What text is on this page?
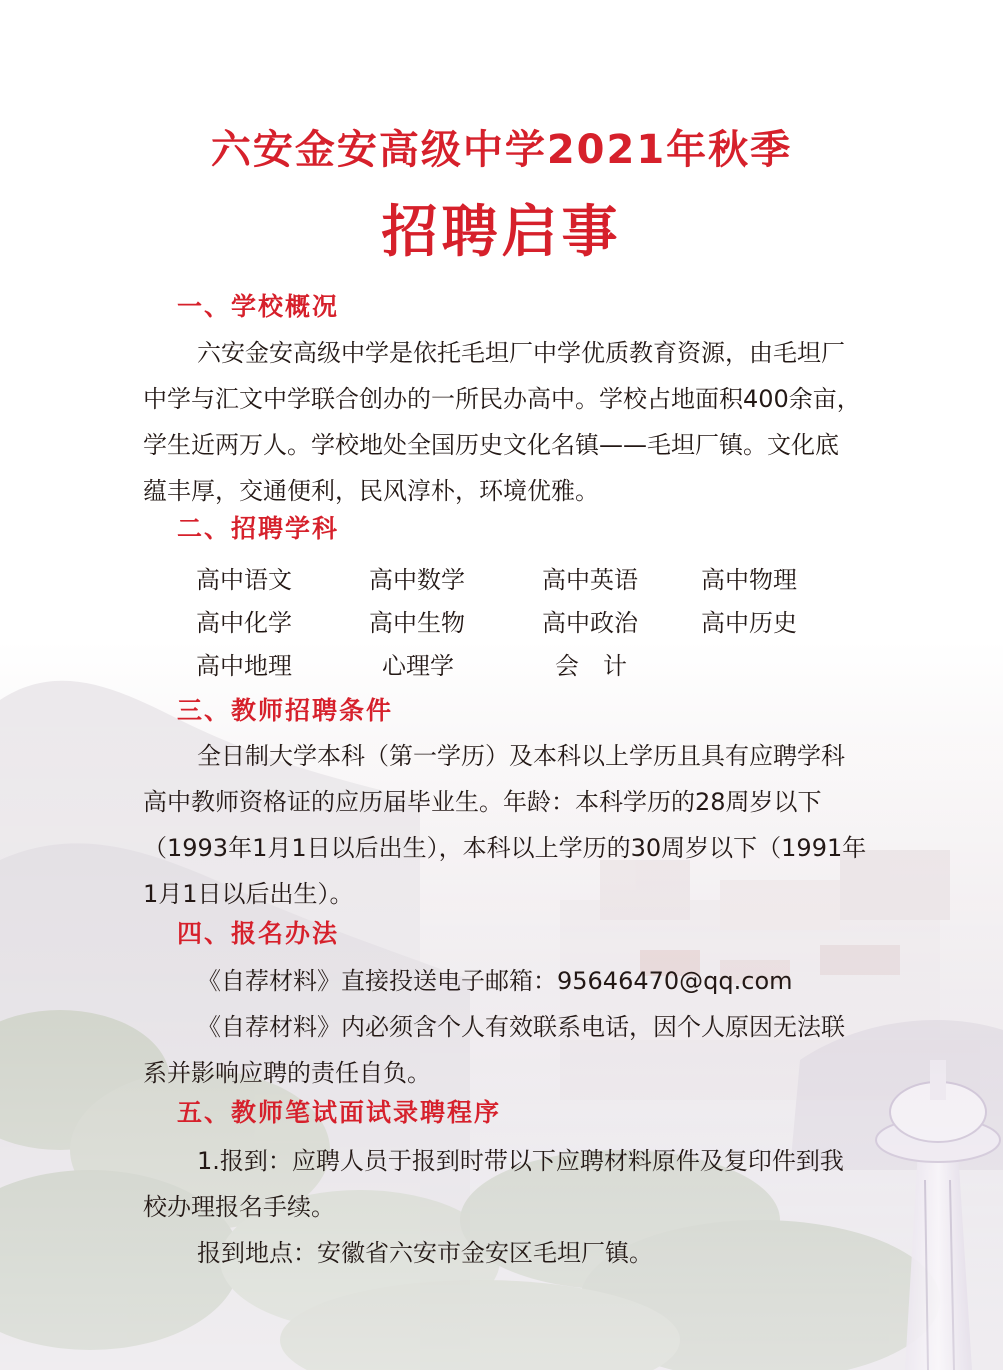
六安金安高级中学2021年秋季
招聘启事
一、学校概况
六安金安高级中学是依托毛坦厂中学优质教育资源，由毛坦厂
中学与汇文中学联合创办的一所民办高中。学校占地面积400余亩，
学生近两万人。学校地处全国历史文化名镇——毛坦厂镇。文化底
蕴丰厚，交通便利，民风淳朴，环境优雅。
二、招聘学科
高中语文	高中数学	高中英语	高中物理
高中化学	高中生物	高中政治	高中历史
高中地理	心理学	会　计
三、教师招聘条件
全日制大学本科（第一学历）及本科以上学历且具有应聘学科
高中教师资格证的应历届毕业生。年龄：本科学历的28周岁以下
（1993年1月1日以后出生），本科以上学历的30周岁以下（1991年
1月1日以后出生）。
四、报名办法
《自荐材料》直接投送电子邮箱：95646470@qq.com
《自荐材料》内必须含个人有效联系电话，因个人原因无法联
系并影响应聘的责任自负。
五、教师笔试面试录聘程序
1.报到：应聘人员于报到时带以下应聘材料原件及复印件到我
校办理报名手续。
报到地点：安徽省六安市金安区毛坦厂镇。
